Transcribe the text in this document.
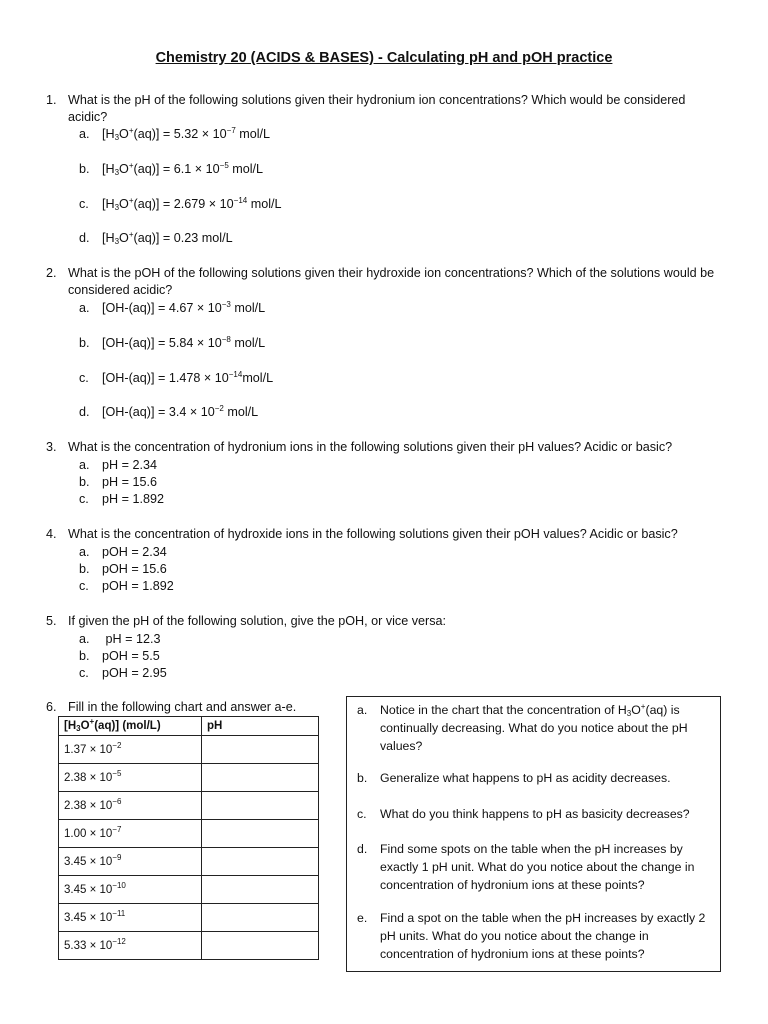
Chemistry 20 (ACIDS & BASES) - Calculating pH and pOH practice
1. What is the pH of the following solutions given their hydronium ion concentrations? Which would be considered acidic?
a. $[H_3O^+(aq)] = 5.32 \times 10^{-7}$ mol/L
b. $[H_3O^+(aq)] = 6.1 \times 10^{-5}$ mol/L
c. $[H_3O^+(aq)] = 2.679 \times 10^{-14}$ mol/L
d. $[H_3O^+(aq)] = 0.23$ mol/L
2. What is the pOH of the following solutions given their hydroxide ion concentrations? Which of the solutions would be considered acidic?
a. $[OH-(aq)] = 4.67 \times 10^{-3}$ mol/L
b. $[OH-(aq)] = 5.84 \times 10^{-8}$ mol/L
c. $[OH-(aq)] = 1.478 \times 10^{-14}mol/L$
d. $[OH-(aq)] = 3.4 \times 10^{-2}$ mol/L
3. What is the concentration of hydronium ions in the following solutions given their pH values? Acidic or basic?
a. pH = 2.34
b. pH = 15.6
c. pH = 1.892
4. What is the concentration of hydroxide ions in the following solutions given their pOH values? Acidic or basic?
a. pOH = 2.34
b. pOH = 15.6
c. pOH = 1.892
5. If given the pH of the following solution, give the pOH, or vice versa:
a. pH = 12.3
b. pOH = 5.5
c. pOH = 2.95
6. Fill in the following chart and answer a-e.
$[H_3O^+(aq)]$ (mol/L)	pH
$1.37 \times 10^{-2}$	
$2.38 \times 10^{-5}$	
$2.38 \times 10^{-6}$	
$1.00 \times 10^{-7}$	
$3.45 \times 10^{-9}$	
$3.45 \times 10^{-10}$	
$3.45 \times 10^{-11}$	
$5.33 \times 10^{-12}$	
a. Notice in the chart that the concentration of $H_3O^+(aq)$ is continually decreasing. What do you notice about the pH values?
b. Generalize what happens to pH as acidity decreases.
c. What do you think happens to pH as basicity decreases?
d. Find some spots on the table when the pH increases by exactly 1 pH unit. What do you notice about the change in concentration of hydronium ions at these points?
e. Find a spot on the table when the pH increases by exactly 2 pH units. What do you notice about the change in concentration of hydronium ions at these points?
